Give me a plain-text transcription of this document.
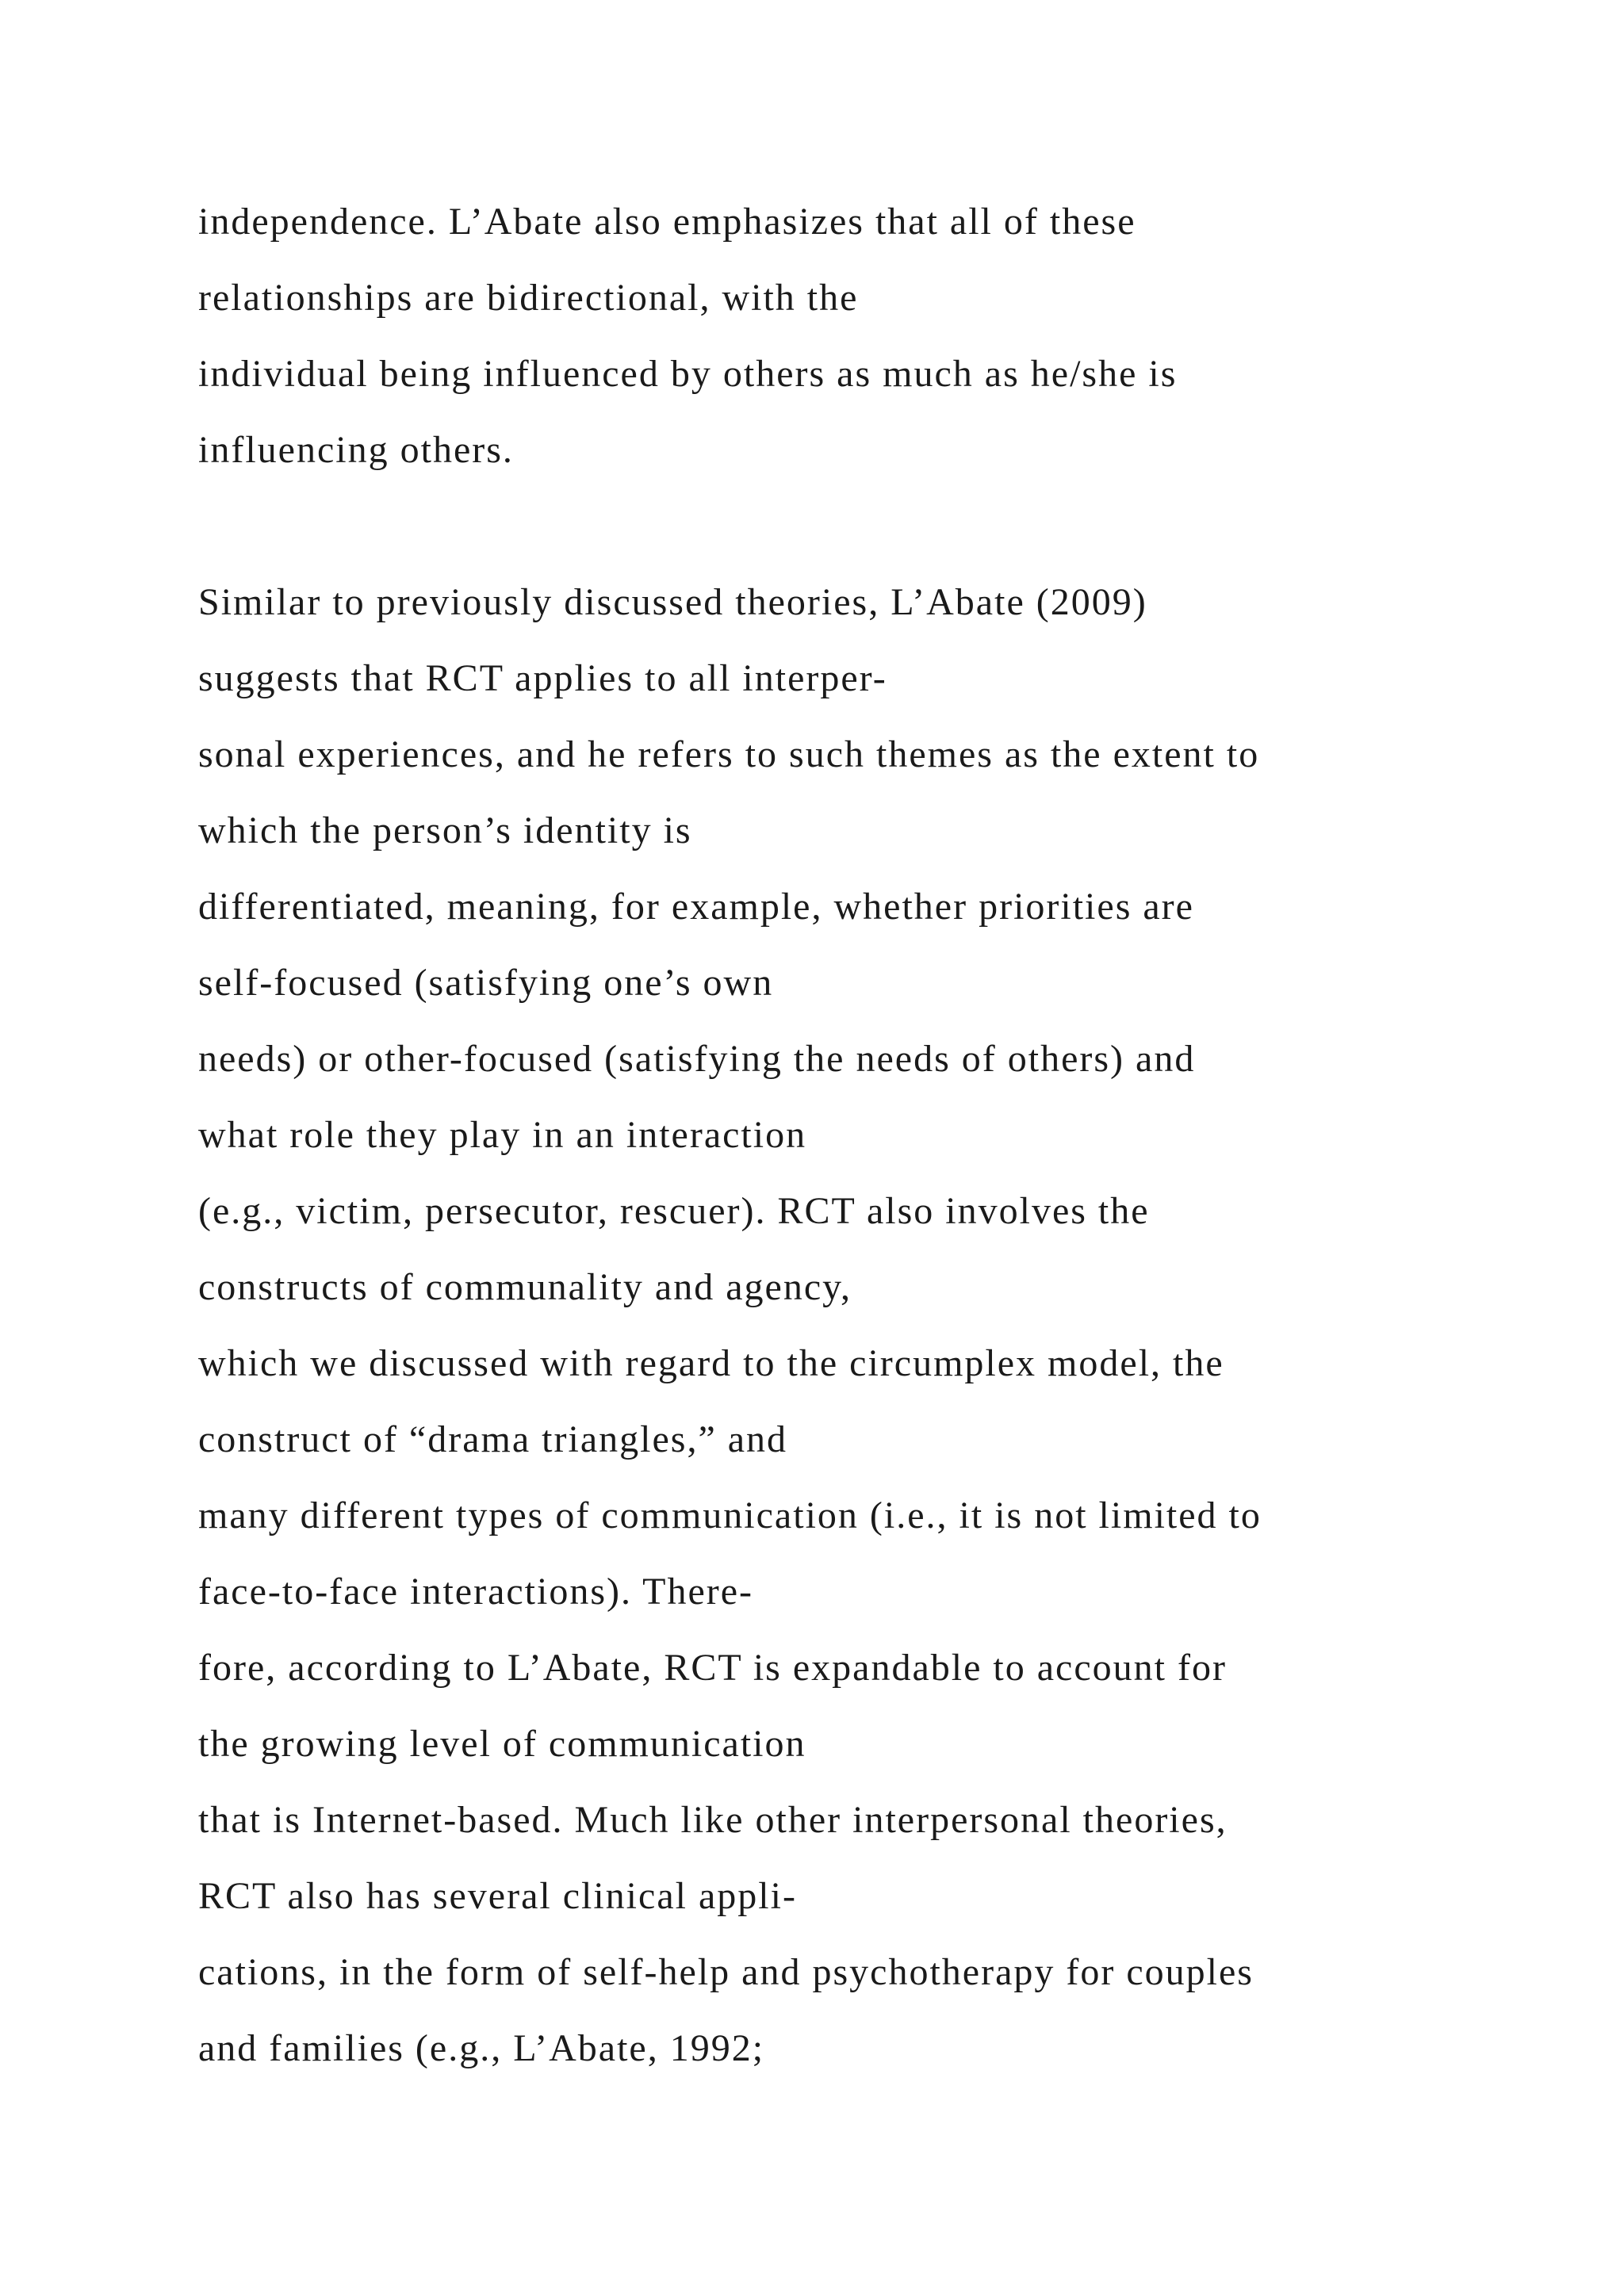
independence. L’Abate also emphasizes that all of these
relationships are bidirectional, with the
individual being influenced by others as much as he/she is
influencing others.
Similar to previously discussed theories, L’Abate (2009)
suggests that RCT applies to all interper-
sonal experiences, and he refers to such themes as the extent to
which the person’s identity is
differentiated, meaning, for example, whether priorities are
self-focused (satisfying one’s own
needs) or other-focused (satisfying the needs of others) and
what role they play in an interaction
(e.g., victim, persecutor, rescuer). RCT also involves the
constructs of communality and agency,
which we discussed with regard to the circumplex model, the
construct of “drama triangles,” and
many different types of communication (i.e., it is not limited to
face-to-face interactions). There-
fore, according to L’Abate, RCT is expandable to account for
the growing level of communication
that is Internet-based. Much like other interpersonal theories,
RCT also has several clinical appli-
cations, in the form of self-help and psychotherapy for couples
and families (e.g., L’Abate, 1992;
